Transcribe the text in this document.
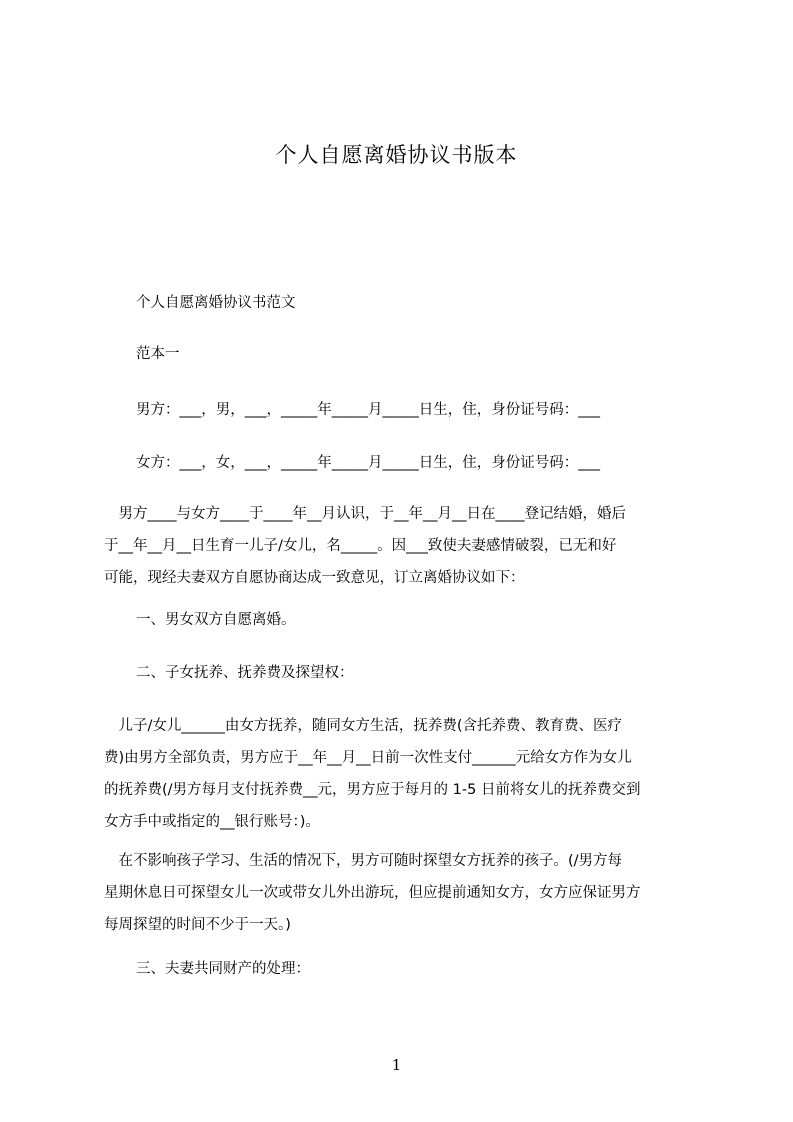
个人自愿离婚协议书版本
个人自愿离婚协议书范文
范本一
男方：___，男，___，_____年_____月_____日生，住，身份证号码：___
女方：___，女，___，_____年_____月_____日生，住，身份证号码：___
　男方____与女方____于____年__月认识，于__年__月__日在____登记结婚，婚后
于__年__月__日生育一儿子/女儿，名_____。因___致使夫妻感情破裂，已无和好
可能，现经夫妻双方自愿协商达成一致意见，订立离婚协议如下：
一、男女双方自愿离婚。
二、子女抚养、抚养费及探望权：
　儿子/女儿______由女方抚养，随同女方生活，抚养费(含托养费、教育费、医疗
费)由男方全部负责，男方应于__年__月__日前一次性支付______元给女方作为女儿
的抚养费(/男方每月支付抚养费__元，男方应于每月的 1-5 日前将女儿的抚养费交到
女方手中或指定的__银行账号：)。
　在不影响孩子学习、生活的情况下，男方可随时探望女方抚养的孩子。(/男方每
星期休息日可探望女儿一次或带女儿外出游玩，但应提前通知女方，女方应保证男方
每周探望的时间不少于一天。)
三、夫妻共同财产的处理：
1
